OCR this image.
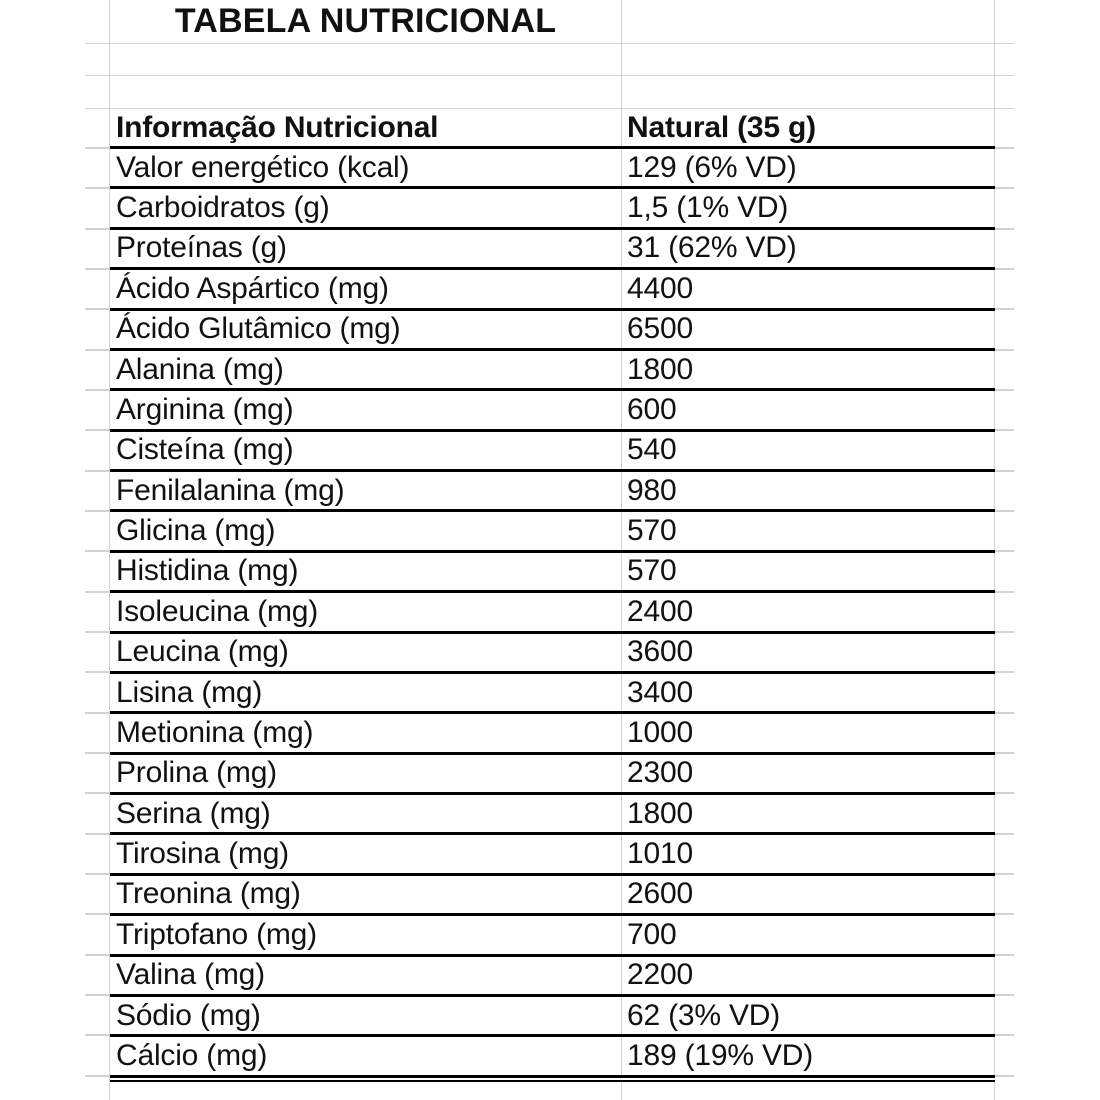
TABELA NUTRICIONAL
Informação Nutricional	Natural (35 g)
Valor energético (kcal)	129 (6% VD)
Carboidratos (g)	1,5 (1% VD)
Proteínas (g)	31 (62% VD)
Ácido Aspártico (mg)	4400
Ácido Glutâmico (mg)	6500
Alanina (mg)	1800
Arginina (mg)	600
Cisteína (mg)	540
Fenilalanina (mg)	980
Glicina (mg)	570
Histidina (mg)	570
Isoleucina (mg)	2400
Leucina (mg)	3600
Lisina (mg)	3400
Metionina (mg)	1000
Prolina (mg)	2300
Serina (mg)	1800
Tirosina (mg)	1010
Treonina (mg)	2600
Triptofano (mg)	700
Valina (mg)	2200
Sódio (mg)	62 (3% VD)
Cálcio (mg)	189 (19% VD)
